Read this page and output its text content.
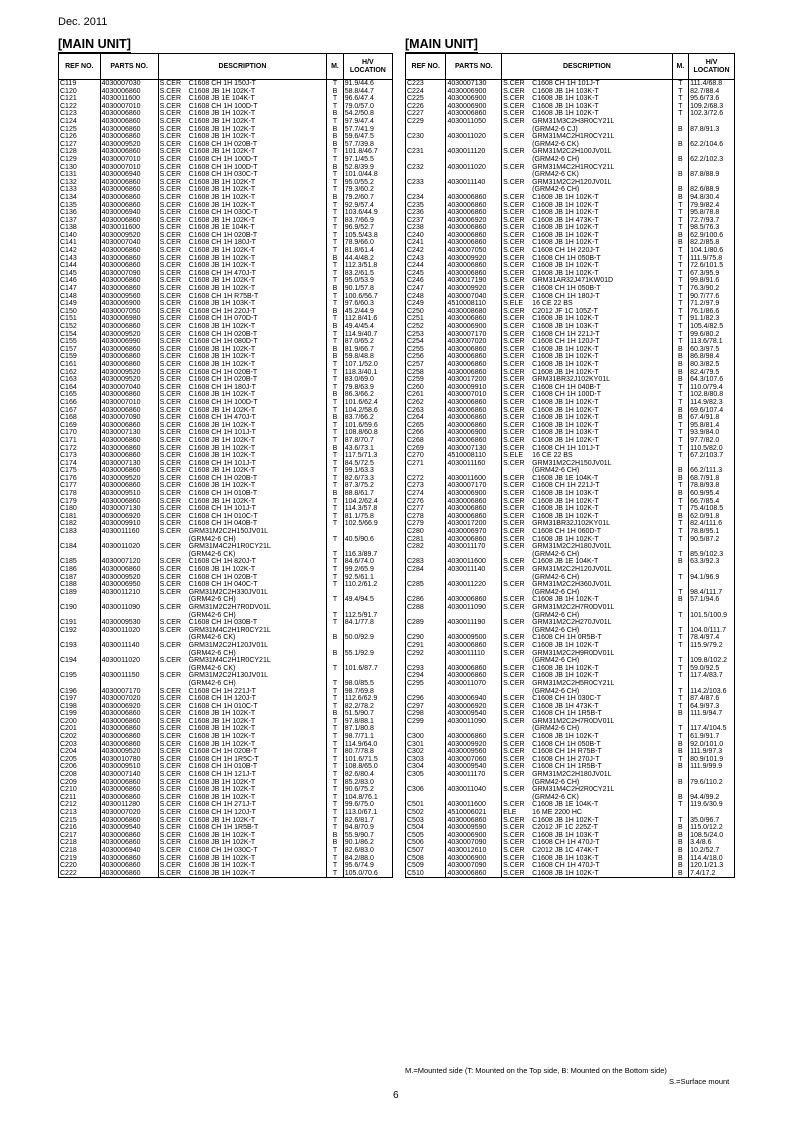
Dec. 2011
[MAIN UNIT]	[MAIN UNIT]
REF NO.	PARTS NO.	DESCRIPTION	M.	H/V LOCATION

C119	4030007030	S.CER C1608 CH 1H 150J-T	T	91.9/44.6

C120	4030006860	S.CER C1608 JB 1H 102K-T	B	58.8/44.7

C121	4030011600	S.CER C1608 JB 1E 104K-T	T	96.6/47.4

C122	4030007010	S.CER C1608 CH 1H 100D-T	T	79.0/57.0

C123	4030006860	S.CER C1608 JB 1H 102K-T	B	54.2/50.8

C124	4030006860	S.CER C1608 JB 1H 102K-T	T	97.9/47.4

C125	4030006860	S.CER C1608 JB 1H 102K-T	B	57.7/41.9

C126	4030006860	S.CER C1608 JB 1H 102K-T	B	59.6/47.5

C127	4030009520	S.CER C1608 CH 1H 020B-T	B	57.7/39.8

C128	4030006860	S.CER C1608 JB 1H 102K-T	T	101.8/46.7

C129	4030007010	S.CER C1608 CH 1H 100D-T	T	97.1/45.5

C130	4030007010	S.CER C1608 CH 1H 100D-T	B	52.8/39.9

C131	4030006940	S.CER C1608 CH 1H 030C-T	T	101.0/44.8

C132	4030006860	S.CER C1608 JB 1H 102K-T	T	95.0/55.2

C133	4030006860	S.CER C1608 JB 1H 102K-T	T	79.3/60.2

C134	4030006860	S.CER C1608 JB 1H 102K-T	B	79.2/60.7

C135	4030006860	S.CER C1608 JB 1H 102K-T	T	92.9/57.4

C136	4030006940	S.CER C1608 CH 1H 030C-T	T	103.6/44.9

C137	4030006860	S.CER C1608 JB 1H 102K-T	T	83.7/66.9

C138	4030011600	S.CER C1608 JB 1E 104K-T	T	96.9/52.7

C140	4030009520	S.CER C1608 CH 1H 020B-T	T	105.5/43.8

C141	4030007040	S.CER C1608 CH 1H 180J-T	T	78.9/66.0

C142	4030006860	S.CER C1608 JB 1H 102K-T	T	81.8/61.4

C143	4030006860	S.CER C1608 JB 1H 102K-T	B	44.4/48.2

C144	4030006860	S.CER C1608 JB 1H 102K-T	T	112.3/51.8

C145	4030007090	S.CER C1608 CH 1H 470J-T	T	83.2/61.5

C146	4030006860	S.CER C1608 JB 1H 102K-T	T	95.0/53.9

C147	4030006860	S.CER C1608 JB 1H 102K-T	B	90.1/57.8

C148	4030009560	S.CER C1608 CH 1H R75B-T	T	100.6/56.7

C149	4030006900	S.CER C1608 JB 1H 103K-T	T	97.6/60.3

C150	4030007050	S.CER C1608 CH 1H 220J-T	B	45.2/44.9

C151	4030006980	S.CER C1608 CH 1H 070D-T	T	112.8/41.6

C152	4030006860	S.CER C1608 JB 1H 102K-T	B	49.4/45.4

C154	4030009520	S.CER C1608 CH 1H 020B-T	T	114.9/40.7

C155	4030006990	S.CER C1608 CH 1H 080D-T	T	87.0/65.2

C157	4030006860	S.CER C1608 JB 1H 102K-T	B	81.9/66.7

C159	4030006860	S.CER C1608 JB 1H 102K-T	B	59.8/48.8

C161	4030006860	S.CER C1608 JB 1H 102K-T	T	107.1/52.0

C162	4030009520	S.CER C1608 CH 1H 020B-T	T	118.3/40.1

C163	4030009520	S.CER C1608 CH 1H 020B-T	T	83.0/69.0

C164	4030007040	S.CER C1608 CH 1H 180J-T	T	79.8/63.9

C165	4030006860	S.CER C1608 JB 1H 102K-T	B	86.3/66.2

C166	4030007010	S.CER C1608 CH 1H 100D-T	T	101.6/62.4

C167	4030006860	S.CER C1608 JB 1H 102K-T	T	104.2/58.6

C168	4030007090	S.CER C1608 CH 1H 470J-T	B	83.7/66.2

C169	4030006860	S.CER C1608 JB 1H 102K-T	T	101.6/59.6

C170	4030007130	S.CER C1608 CH 1H 101J-T	T	108.8/60.8

C171	4030006860	S.CER C1608 JB 1H 102K-T	T	87.8/70.7

C172	4030006860	S.CER C1608 JB 1H 102K-T	B	43.6/73.1

C173	4030006860	S.CER C1608 JB 1H 102K-T	T	117.5/71.3

C174	4030007130	S.CER C1608 CH 1H 101J-T	T	84.5/72.5

C175	4030006860	S.CER C1608 JB 1H 102K-T	T	99.1/63.3

C176	4030009520	S.CER C1608 CH 1H 020B-T	T	82.6/73.3

C177	4030006860	S.CER C1608 JB 1H 102K-T	T	87.3/75.2

C178	4030009510	S.CER C1608 CH 1H 010B-T	B	88.8/61.7

C179	4030006860	S.CER C1608 JB 1H 102K-T	T	104.2/62.4

C180	4030007130	S.CER C1608 CH 1H 101J-T	T	114.3/57.8

C181	4030006920	S.CER C1608 CH 1H 010C-T	T	81.1/75.8

C182	4030009910	S.CER C1608 CH 1H 040B-T	T	102.5/66.9

C183	4030011160	S.CER GRM31M2C2H150JV01L
(GRM42-6 CH)	T	40.5/90.6

C184	4030011020	S.CER GRM31M4C2H1R0CY21L
(GRM42-6 CK)	T	116.3/89.7

C185	4030007120	S.CER C1608 CH 1H 820J-T	T	84.6/74.0

C186	4030006860	S.CER C1608 JB 1H 102K-T	T	99.2/65.9

C187	4030009520	S.CER C1608 CH 1H 020B-T	T	92.5/61.1

C188	4030006950	S.CER C1608 CH 1H 040C-T	T	110.2/61.2

C189	4030011210	S.CER GRM31M2C2H330JV01L
(GRM42-6 CH)	T	49.4/94.5

C190	4030011090	S.CER GRM31M2C2H7R0DV01L
(GRM42-6 CH)	T	112.5/91.7

C191	4030009530	S.CER C1608 CH 1H 030B-T	T	84.1/77.8

C192	4030011020	S.CER GRM31M4C2H1R0CY21L
(GRM42-6 CK)	B	50.0/92.9

C193	4030011140	S.CER GRM31M2C2H120JV01L
(GRM42-6 CH)	B	55.1/92.9

C194	4030011020	S.CER GRM31M4C2H1R0CY21L
(GRM42-6 CK)	T	101.6/87.7

C195	4030011150	S.CER GRM31M2C2H130JV01L
(GRM42-6 CH)	T	98.0/85.5

C196	4030007170	S.CER C1608 CH 1H 221J-T	T	98.7/69.8

C197	4030007020	S.CER C1608 CH 1H 120J-T	T	112.6/62.9

C198	4030006920	S.CER C1608 CH 1H 010C-T	T	82.2/78.2

C199	4030006860	S.CER C1608 JB 1H 102K-T	B	51.5/90.7

C200	4030006860	S.CER C1608 JB 1H 102K-T	T	97.8/88.1

C201	4030006860	S.CER C1608 JB 1H 102K-T	T	87.1/80.8

C202	4030006860	S.CER C1608 JB 1H 102K-T	T	98.7/71.1

C203	4030006860	S.CER C1608 JB 1H 102K-T	T	114.9/64.0

C204	4030009520	S.CER C1608 CH 1H 020B-T	T	80.7/78.8

C205	4030010780	S.CER C1608 CH 1H 1R5C-T	T	101.6/71.5

C206	4030009510	S.CER C1608 CH 1H 010B-T	T	108.8/65.0

C208	4030007140	S.CER C1608 CH 1H 121J-T	T	82.6/80.4

C209	4030006860	S.CER C1608 JB 1H 102K-T	T	85.2/83.0

C210	4030006860	S.CER C1608 JB 1H 102K-T	T	90.6/75.2

C211	4030006860	S.CER C1608 JB 1H 102K-T	T	104.8/76.1

C212	4030011280	S.CER C1608 CH 1H 271J-T	T	99.6/75.0

C213	4030007020	S.CER C1608 CH 1H 120J-T	T	113.0/67.1

C215	4030006860	S.CER C1608 JB 1H 102K-T	T	82.6/81.7

C216	4030009540	S.CER C1608 CH 1H 1R5B-T	T	94.8/70.9

C217	4030006860	S.CER C1608 JB 1H 102K-T	B	55.9/90.7

C218	4030006860	S.CER C1608 JB 1H 102K-T	B	90.1/86.2

C218	4030006940	S.CER C1608 CH 1H 030C-T	T	82.6/83.0

C219	4030006860	S.CER C1608 JB 1H 102K-T	T	84.2/88.0

C220	4030006860	S.CER C1608 JB 1H 102K-T	T	95.6/74.9

C222	4030006860	S.CER C1608 JB 1H 102K-T	T	105.0/70.6
REF NO.	PARTS NO.	DESCRIPTION	M.	H/V LOCATION

C223	4030007130	S.CER C1608 CH 1H 101J-T	T	111.4/68.8

C224	4030006900	S.CER C1608 JB 1H 103K-T	T	82.7/88.4

C225	4030006900	S.CER C1608 JB 1H 103K-T	T	95.6/73.6

C226	4030006900	S.CER C1608 JB 1H 103K-T	T	109.2/68.3

C227	4030006860	S.CER C1608 JB 1H 102K-T	T	102.3/72.6

C229	4030011050	S.CER GRM31M3C2H3R0CY21L
(GRM42-6 CJ)	B	87.8/91.3

C230	4030011020	S.CER GRM31M4C2H1R0CY21L
(GRM42-6 CK)	B	62.2/104.6

C231	4030011120	S.CER GRM31M2C2H100JV01L
(GRM42-6 CH)	B	62.2/102.3

C232	4030011020	S.CER GRM31M4C2H1R0CY21L
(GRM42-6 CK)	B	87.8/88.9

C233	4030011140	S.CER GRM31M2C2H120JV01L
(GRM42-6 CH)	B	82.6/88.9

C234	4030006860	S.CER C1608 JB 1H 102K-T	B	94.8/30.4

C235	4030006860	S.CER C1608 JB 1H 102K-T	T	79.9/82.4

C236	4030006860	S.CER C1608 JB 1H 102K-T	T	95.8/78.8

C237	4030006920	S.CER C1608 JB 1H 473K-T	T	72.7/93.7

C238	4030006860	S.CER C1608 JB 1H 102K-T	T	98.5/76.3

C240	4030006860	S.CER C1608 JB 1H 102K-T	B	62.9/100.6

C241	4030006860	S.CER C1608 JB 1H 102K-T	B	82.2/85.8

C242	4030007050	S.CER C1608 CH 1H 220J-T	T	104.1/80.6

C243	4030009920	S.CER C1608 CH 1H 050B-T	T	111.9/75.8

C244	4030006860	S.CER C1608 JB 1H 102K-T	T	72.6/101.5

C245	4030006860	S.CER C1608 JB 1H 102K-T	T	67.3/95.9

C246	4030017190	S.CER GRM31AR32J471KW01D	T	99.8/91.6

C247	4030009920	S.CER C1608 CH 1H 050B-T	T	76.3/90.2

C248	4030007040	S.CER C1608 CH 1H 180J-T	T	90.7/77.6

C249	4510008110	S.ELE 16 CE 22 BS	T	71.2/97.9

C250	4030008680	S.CER C2012 JF 1C 105Z-T	T	76.1/86.6

C251	4030006860	S.CER C1608 JB 1H 102K-T	T	91.1/82.3

C252	4030006900	S.CER C1608 JB 1H 103K-T	T	105.4/82.5

C253	4030007170	S.CER C1608 CH 1H 221J-T	T	99.6/80.2

C254	4030007020	S.CER C1608 CH 1H 120J-T	T	113.6/78.1

C255	4030006860	S.CER C1608 JB 1H 102K-T	B	60.3/97.5

C256	4030006860	S.CER C1608 JB 1H 102K-T	B	86.8/98.4

C257	4030006860	S.CER C1608 JB 1H 102K-T	B	80.3/82.5

C258	4030006860	S.CER C1608 JB 1H 102K-T	B	82.4/79.5

C259	4030017200	S.CER GRM31BR32J102KY01L	B	64.3/107.6

C260	4030009910	S.CER C1608 CH 1H 040B-T	T	110.0/79.4

C261	4030007010	S.CER C1608 CH 1H 100D-T	T	102.8/80.8

C262	4030006860	S.CER C1608 JB 1H 102K-T	T	114.9/82.3

C263	4030006860	S.CER C1608 JB 1H 102K-T	B	69.6/107.4

C264	4030006860	S.CER C1608 JB 1H 102K-T	B	67.4/91.8

C265	4030006860	S.CER C1608 JB 1H 102K-T	T	95.8/81.4

C266	4030006900	S.CER C1608 JB 1H 103K-T	T	93.9/84.0

C268	4030006860	S.CER C1608 JB 1H 102K-T	T	97.7/82.0

C269	4030007130	S.CER C1608 CH 1H 101J-T	T	110.5/82.0

C270	4510008110	S.ELE 16 CE 22 BS	T	67.2/103.7

C271	4030011160	S.CER GRM31M2C2H150JV01L
(GRM42-6 CH)	B	66.2/111.3

C272	4030011600	S.CER C1608 JB 1E 104K-T	B	68.7/91.8

C273	4030007170	S.CER C1608 CH 1H 221J-T	T	78.8/93.8

C274	4030006900	S.CER C1608 JB 1H 103K-T	B	60.9/95.4

C276	4030006860	S.CER C1608 JB 1H 102K-T	T	66.7/85.4

C277	4030006860	S.CER C1608 JB 1H 102K-T	T	75.4/108.5

C278	4030006860	S.CER C1608 JB 1H 102K-T	B	62.0/91.8

C279	4030017200	S.CER GRM31BR32J102KY01L	T	82.4/111.6

C280	4030006970	S.CER C1608 CH 1H 060D-T	T	78.8/95.1

C281	4030006860	S.CER C1608 JB 1H 102K-T	T	90.5/87.2

C282	4030011170	S.CER GRM31M2C2H180JV01L
(GRM42-6 CH)	T	85.9/102.3

C283	4030011600	S.CER C1608 JB 1E 104K-T	B	63.3/92.3

C284	4030011140	S.CER GRM31M2C2H120JV01L
(GRM42-6 CH)	T	94.1/96.9

C285	4030011220	S.CER GRM31M2C2H360JV01L
(GRM42-6 CH)	T	98.4/111.7

C286	4030006860	S.CER C1608 JB 1H 102K-T	B	57.1/94.6

C288	4030011090	S.CER GRM31M2C2H7R0DV01L
(GRM42-6 CH)	T	101.5/100.9

C289	4030011190	S.CER GRM31M2C2H270JV01L
(GRM42-6 CH)	T	104.0/111.7

C290	4030009500	S.CER C1608 CH 1H 0R5B-T	T	78.4/97.4

C291	4030006860	S.CER C1608 JB 1H 102K-T	T	115.9/79.2

C292	4030011110	S.CER GRM31M2C2H9R0DV01L
(GRM42-6 CH)	T	109.8/102.2

C293	4030006860	S.CER C1608 JB 1H 102K-T	T	59.0/92.5

C294	4030006860	S.CER C1608 JB 1H 102K-T	T	117.4/83.7

C295	4030011070	S.CER GRM31M2C2H5R0CY21L
(GRM42-6 CH)	T	114.2/103.6

C296	4030006940	S.CER C1608 CH 1H 030C-T	T	87.4/87.6

C297	4030006920	S.CER C1608 JB 1H 473K-T	T	64.9/97.3

C298	4030009540	S.CER C1608 CH 1H 1R5B-T	B	111.9/94.7

C299	4030011090	S.CER GRM31M2C2H7R0DV01L
(GRM42-6 CH)	T	117.4/104.5

C300	4030006860	S.CER C1608 JB 1H 102K-T	T	61.9/91.7

C301	4030009920	S.CER C1608 CH 1H 050B-T	B	92.0/101.0

C302	4030009560	S.CER C1608 CH 1H R75B-T	B	111.9/97.3

C303	4030007060	S.CER C1608 CH 1H 270J-T	T	80.9/101.9

C304	4030009540	S.CER C1608 CH 1H 1R5B-T	B	111.9/99.9

C305	4030011170	S.CER GRM31M2C2H180JV01L
(GRM42-6 CH)	B	79.6/110.2

C306	4030011040	S.CER GRM31M4C2H2R0CY21L
(GRM42-6 CK)	B	94.4/99.2

C501	4030011600	S.CER C1608 JB 1E 104K-T	T	119.6/30.9

C502	4510006021	ELE 16 ME 2200 HC		

C503	4030006860	S.CER C1608 JB 1H 102K-T	T	35.0/96.7

C504	4030009590	S.CER C2012 JF 1C 225Z-T	B	115.0/12.2

C505	4030006900	S.CER C1608 JB 1H 103K-T	B	108.5/24.0

C506	4030007090	S.CER C1608 CH 1H 470J-T	B	3.4/8.6

C507	4030012610	S.CER C2012 JB 1C 474K-T	B	10.2/52.7

C508	4030006900	S.CER C1608 JB 1H 103K-T	B	114.4/18.0

C509	4030007090	S.CER C1608 CH 1H 470J-T	B	120.1/21.3

C510	4030006860	S.CER C1608 JB 1H 102K-T	B	7.4/17.2
M.=Mounted side (T: Mounted on the Top side, B: Mounted on the Bottom side)
S.=Surface mount
6
